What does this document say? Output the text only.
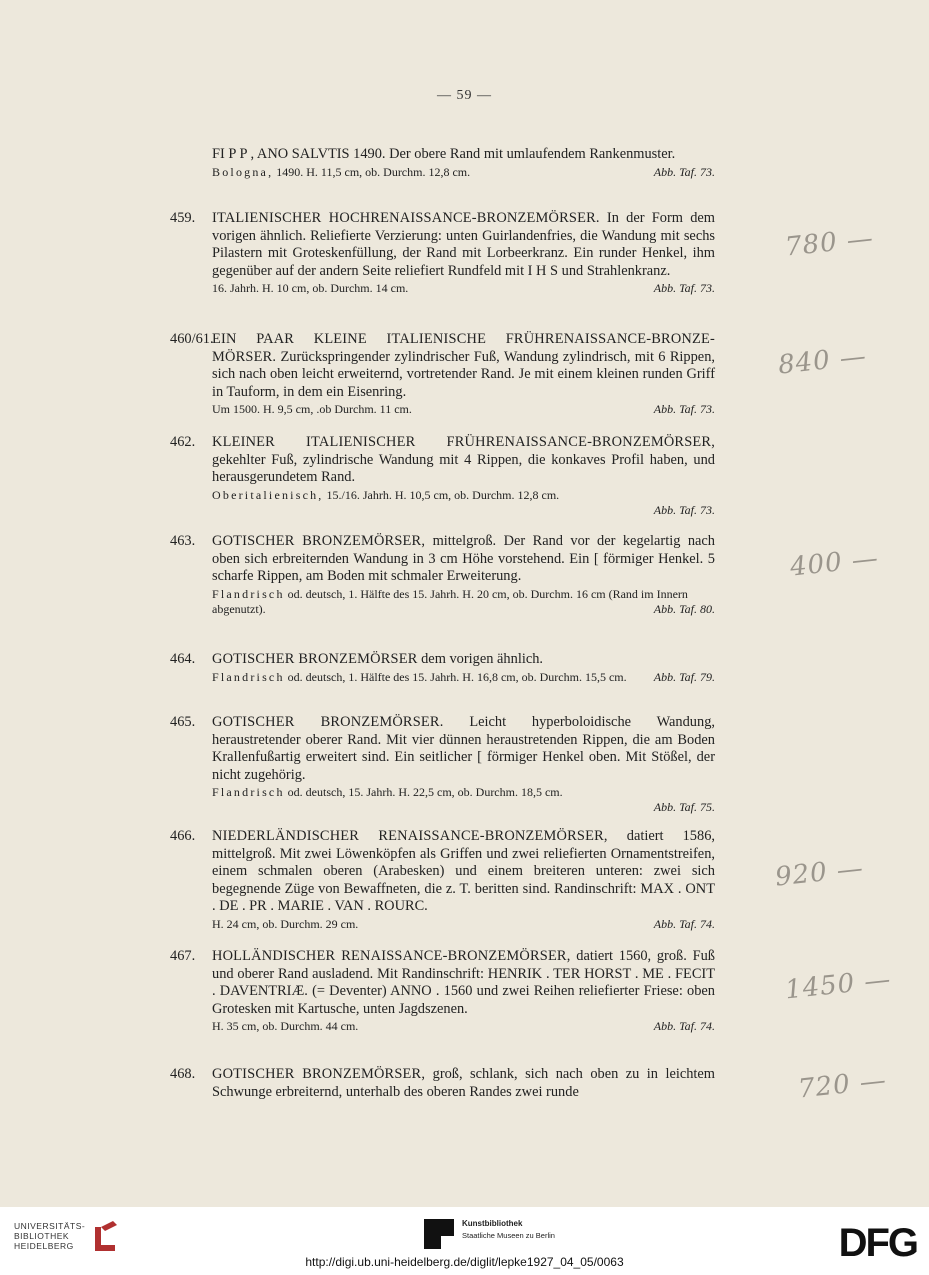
— 59 —
FI P P , ANO SALVTIS 1490. Der obere Rand mit umlaufendem Rankenmuster.
Bologna, 1490. H. 11,5 cm, ob. Durchm. 12,8 cm.	Abb. Taf. 73.
459. ITALIENISCHER HOCHRENAISSANCE-BRONZEMÖRSER. In der Form dem vorigen ähnlich. Reliefierte Verzierung: unten Guirlandenfries, die Wandung mit sechs Pilastern mit Groteskenfüllung, der Rand mit Lorbeerkranz. Ein runder Henkel, ihm gegenüber auf der andern Seite reliefiert Rundfeld mit I H S und Strahlenkranz.
16. Jahrh. H. 10 cm, ob. Durchm. 14 cm.	Abb. Taf. 73.
460/61.
EIN PAAR KLEINE ITALIENISCHE FRÜHRENAISSANCE-BRONZE-MÖRSER. Zurückspringender zylindrischer Fuß, Wandung zylindrisch, mit 6 Rippen, sich nach oben leicht erweiternd, vortretender Rand. Je mit einem kleinen runden Griff in Tauform, in dem ein Eisenring.
Um 1500. H. 9,5 cm, .ob Durchm. 11 cm.	Abb. Taf. 73.
462. KLEINER ITALIENISCHER FRÜHRENAISSANCE-BRONZEMÖRSER, gekehlter Fuß, zylindrische Wandung mit 4 Rippen, die konkaves Profil haben, und herausgerundetem Rand.
Oberitalienisch, 15./16. Jahrh. H. 10,5 cm, ob. Durchm. 12,8 cm.
Abb. Taf. 73.
463. GOTISCHER BRONZEMÖRSER, mittelgroß. Der Rand vor der kegelartig nach oben sich erbreiternden Wandung in 3 cm Höhe vorstehend. Ein [ förmiger Henkel. 5 scharfe Rippen, am Boden mit schmaler Erweiterung.
Flandrisch od. deutsch, 1. Hälfte des 15. Jahrh. H. 20 cm, ob. Durchm. 16 cm (Rand im Innern abgenutzt).	Abb. Taf. 80.
464. GOTISCHER BRONZEMÖRSER dem vorigen ähnlich.
Flandrisch od. deutsch, 1. Hälfte des 15. Jahrh. H. 16,8 cm, ob. Durchm. 15,5 cm.	Abb. Taf. 79.
465. GOTISCHER BRONZEMÖRSER. Leicht hyperboloidische Wandung, heraustretender oberer Rand. Mit vier dünnen heraustretenden Rippen, die am Boden Krallenfußartig erweitert sind. Ein seitlicher [ förmiger Henkel oben. Mit Stößel, der nicht zugehörig.
Flandrisch od. deutsch, 15. Jahrh. H. 22,5 cm, ob. Durchm. 18,5 cm.
Abb. Taf. 75.
466. NIEDERLÄNDISCHER RENAISSANCE-BRONZEMÖRSER, datiert 1586, mittelgroß. Mit zwei Löwenköpfen als Griffen und zwei reliefierten Ornamentstreifen, einem schmalen oberen (Arabesken) und einem breiteren unteren: zwei sich begegnende Züge von Bewaffneten, die z. T. beritten sind. Randinschrift: MAX . ONT . DE . PR . MARIE . VAN . ROURC.
H. 24 cm, ob. Durchm. 29 cm.	Abb. Taf. 74.
467. HOLLÄNDISCHER RENAISSANCE-BRONZEMÖRSER, datiert 1560, groß. Fuß und oberer Rand ausladend. Mit Randinschrift: HENRIK . TER HORST . ME . FECIT . DAVENTRIÆ. (= Deventer) ANNO . 1560 und zwei Reihen reliefierter Friese: oben Grotesken mit Kartusche, unten Jagdszenen.
H. 35 cm, ob. Durchm. 44 cm.	Abb. Taf. 74.
468. GOTISCHER BRONZEMÖRSER, groß, schlank, sich nach oben zu in leichtem Schwunge erbreiternd, unterhalb des oberen Randes zwei runde
780 —
840 —
400 —
920 —
1450 —
720 —
UNIVERSITÄTS-
BIBLIOTHEK
HEIDELBERG
Kunstbibliothek
Staatliche Museen zu Berlin	DFG
http://digi.ub.uni-heidelberg.de/diglit/lepke1927_04_05/0063
